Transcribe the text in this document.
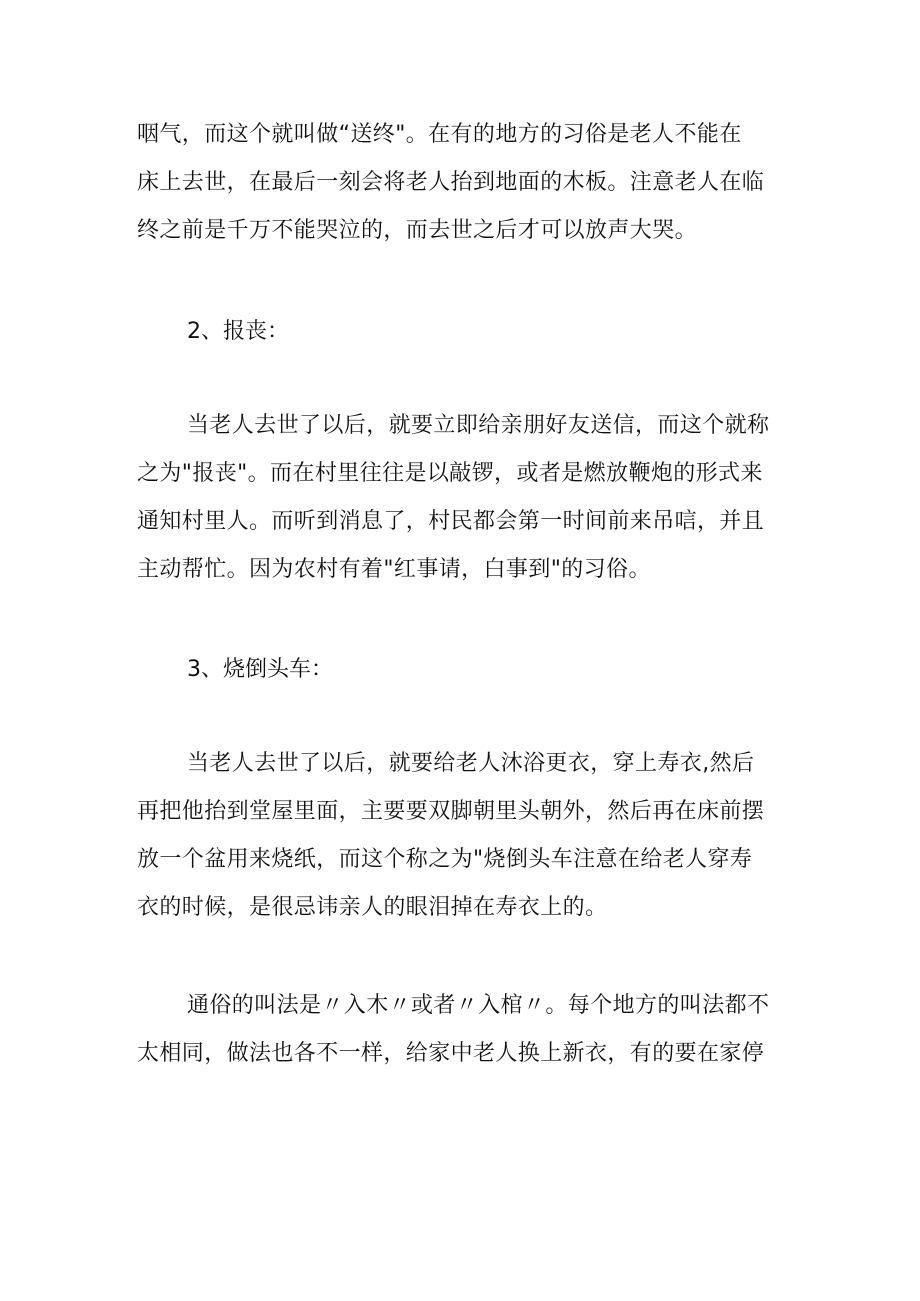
咽气，而这个就叫做“送终"。在有的地方的习俗是老人不能在
床上去世，在最后一刻会将老人抬到地面的木板。注意老人在临
终之前是千万不能哭泣的，而去世之后才可以放声大哭。
2、报丧：
当老人去世了以后，就要立即给亲朋好友送信，而这个就称
之为"报丧"。而在村里往往是以敲锣，或者是燃放鞭炮的形式来
通知村里人。而听到消息了，村民都会第一时间前来吊唁，并且
主动帮忙。因为农村有着"红事请，白事到"的习俗。
3、烧倒头车：
当老人去世了以后，就要给老人沐浴更衣，穿上寿衣,然后
再把他抬到堂屋里面，主要要双脚朝里头朝外，然后再在床前摆
放一个盆用来烧纸，而这个称之为"烧倒头车注意在给老人穿寿
衣的时候，是很忌讳亲人的眼泪掉在寿衣上的。
通俗的叫法是〃入木〃或者〃入棺〃。每个地方的叫法都不
太相同，做法也各不一样，给家中老人换上新衣，有的要在家停
